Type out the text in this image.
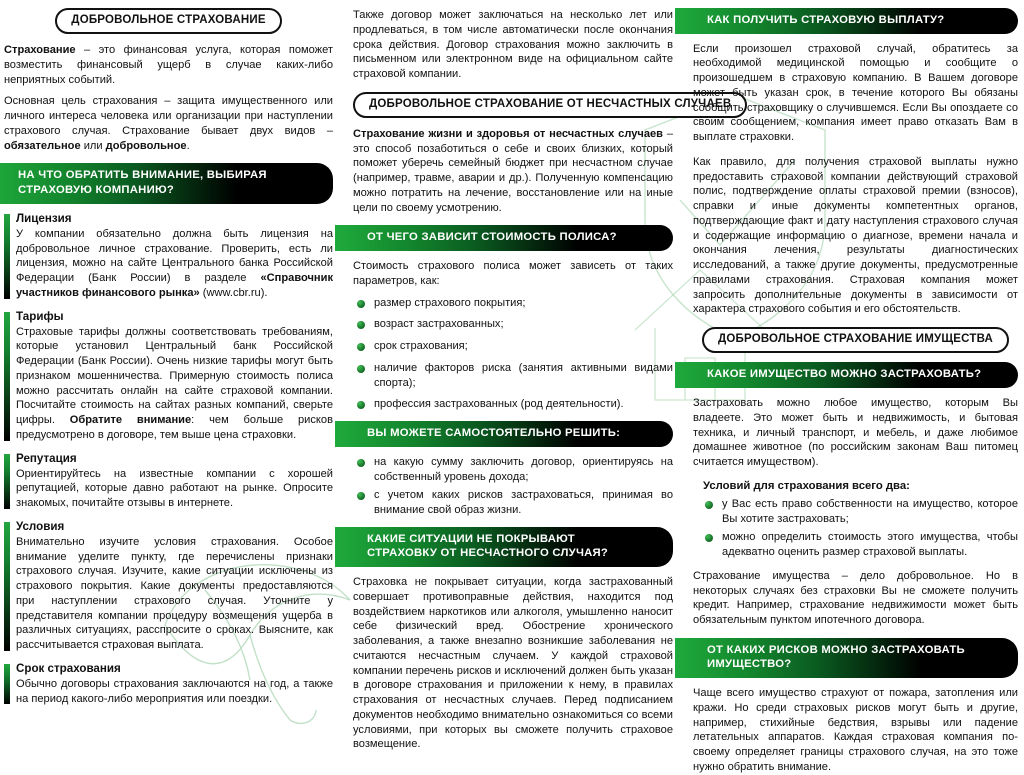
ДОБРОВОЛЬНОЕ СТРАХОВАНИЕ

Страхование – это финансовая услуга, которая поможет возместить финансовый ущерб в случае каких-либо неприятных событий.

Основная цель страхования – защита имущественного или личного интереса человека или организации при наступлении страхового случая. Страхование бывает двух видов – обязательное или добровольное.

НА ЧТО ОБРАТИТЬ ВНИМАНИЕ, ВЫБИРАЯ СТРАХОВУЮ КОМПАНИЮ?
Лицензия

У компании обязательно должна быть лицензия на добровольное личное страхование. Проверить, есть ли лицензия, можно на сайте Центрального банка Российской Федерации (Банк России) в разделе «Справочник участников финансового рынка» (www.cbr.ru).

Тарифы

Страховые тарифы должны соответствовать требованиям, которые установил Центральный банк Российской Федерации (Банк России). Очень низкие тарифы могут быть признаком мошенничества. Примерную стоимость полиса можно рассчитать онлайн на сайте страховой компании. Посчитайте стоимость на сайтах разных компаний, сверьте цифры. Обратите внимание: чем больше рисков предусмотрено в договоре, тем выше цена страховки.

Репутация

Ориентируйтесь на известные компании с хорошей репутацией, которые давно работают на рынке. Опросите знакомых, почитайте отзывы в интернете.

Условия

Внимательно изучите условия страхования. Особое внимание уделите пункту, где перечислены признаки страхового случая. Изучите, какие ситуации исключены из страхового покрытия. Какие документы предоставляются при наступлении страхового случая. Уточните у представителя компании процедуру возмещения ущерба в различных ситуациях, расспросите о сроках. Выясните, как рассчитывается страховая выплата.

Срок страхования

Обычно договоры страхования заключаются на год, а также на период какого-либо мероприятия или поездки.

Также договор может заключаться на несколько лет или продлеваться, в том числе автоматически после окончания срока действия. Договор страхования можно заключить в письменном или электронном виде на официальном сайте страховой компании.

ДОБРОВОЛЬНОЕ СТРАХОВАНИЕ ОТ НЕСЧАСТНЫХ СЛУЧАЕВ

Страхование жизни и здоровья от несчастных случаев – это способ позаботиться о себе и своих близких, который поможет уберечь семейный бюджет при несчастном случае (например, травме, аварии и др.). Полученную компенсацию можно потратить на лечение, восстановление или на иные цели по своему усмотрению.

ОТ ЧЕГО ЗАВИСИТ СТОИМОСТЬ ПОЛИСА?

Стоимость страхового полиса может зависеть от таких параметров, как:

размер страхового покрытия;
возраст застрахованных;
срок страхования;
наличие факторов риска (занятия активными видами спорта);
профессия застрахованных (род деятельности).
ВЫ МОЖЕТЕ САМОСТОЯТЕЛЬНО РЕШИТЬ:
на какую сумму заключить договор, ориентируясь на собственный уровень дохода;
с учетом каких рисков застраховаться, принимая во внимание свой образ жизни.
КАКИЕ СИТУАЦИИ НЕ ПОКРЫВАЮТ СТРАХОВКУ ОТ НЕСЧАСТНОГО СЛУЧАЯ?

Страховка не покрывает ситуации, когда застрахованный совершает противоправные действия, находится под воздействием наркотиков или алкоголя, умышленно наносит себе физический вред. Обострение хронического заболевания, а также внезапно возникшие заболевания не считаются несчастным случаем. У каждой страховой компании перечень рисков и исключений должен быть указан в договоре страхования и приложении к нему, в правилах страхования от несчастных случаев. Перед подписанием документов необходимо внимательно ознакомиться со всеми условиями, при которых вы сможете получить страховое возмещение.

КАК ПОЛУЧИТЬ СТРАХОВУЮ ВЫПЛАТУ?

Если произошел страховой случай, обратитесь за необходимой медицинской помощью и сообщите о произошедшем в страховую компанию. В Вашем договоре может быть указан срок, в течение которого Вы обязаны сообщить страховщику о случившемся. Если Вы опоздаете со своим сообщением, компания имеет право отказать Вам в выплате страховки.

Как правило, для получения страховой выплаты нужно предоставить страховой компании действующий страховой полис, подтверждение оплаты страховой премии (взносов), справки и иные документы компетентных органов, подтверждающие факт и дату наступления страхового случая и содержащие информацию о диагнозе, времени начала и окончания лечения, результаты диагностических исследований, а также другие документы, предусмотренные правилами страхования. Страховая компания может запросить дополнительные документы в зависимости от характера страхового события и его обстоятельств.

ДОБРОВОЛЬНОЕ СТРАХОВАНИЕ ИМУЩЕСТВА
КАКОЕ ИМУЩЕСТВО МОЖНО ЗАСТРАХОВАТЬ?

Застраховать можно любое имущество, которым Вы владеете. Это может быть и недвижимость, и бытовая техника, и личный транспорт, и мебель, и даже любимое домашнее животное (по российским законам Ваш питомец считается имуществом).

Условий для страхования всего два:
у Вас есть право собственности на имущество, которое Вы хотите застраховать;
можно определить стоимость этого имущества, чтобы адекватно оценить размер страховой выплаты.

Страхование имущества – дело добровольное. Но в некоторых случаях без страховки Вы не сможете получить кредит. Например, страхование недвижимости может быть обязательным пунктом ипотечного договора.

ОТ КАКИХ РИСКОВ МОЖНО ЗАСТРАХОВАТЬ ИМУЩЕСТВО?

Чаще всего имущество страхуют от пожара, затопления или кражи. Но среди страховых рисков могут быть и другие, например, стихийные бедствия, взрывы или падение летательных аппаратов. Каждая страховая компания по-своему определяет границы страхового случая, на это тоже нужно обратить внимание.
